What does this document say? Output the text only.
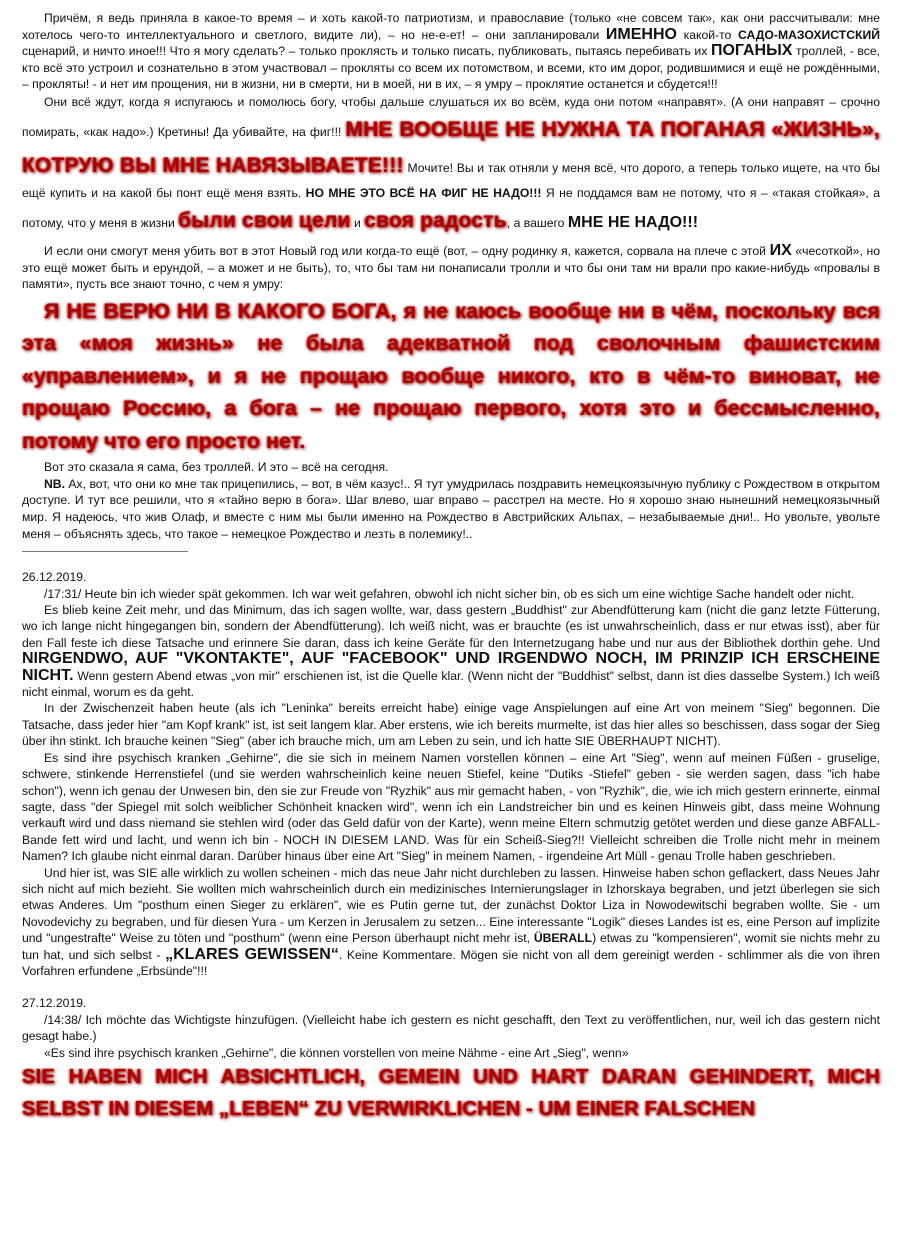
Причём, я ведь приняла в какое-то время – и хоть какой-то патриотизм, и православие (только «не совсем так», как они рассчитывали: мне хотелось чего-то интеллектуального и светлого, видите ли), – но не-е-ет! – они запланировали ИМЕННО какой-то САДО-МАЗОХИСТСКИЙ сценарий, и ничто иное!!! Что я могу сделать? – только проклясть и только писать, публиковать, пытаясь перебивать их ПОГАНЫХ троллей, - все, кто всё это устроил и сознательно в этом участвовал – прокляты со всем их потомством, и всеми, кто им дорог, родившимися и ещё не рождёнными, – прокляты! - и нет им прощения, ни в жизни, ни в смерти, ни в моей, ни в их, – я умру – проклятие останется и сбудется!!!

Они всё ждут, когда я испугаюсь и помолюсь богу, чтобы дальше слушаться их во всём, куда они потом «направят». (А они направят – срочно помирать, «как надо».) Кретины! Да убивайте, на фиг!!! МНЕ ВООБЩЕ НЕ НУЖНА ТА ПОГАНАЯ «ЖИЗНЬ», КОТРУЮ ВЫ МНЕ НАВЯЗЫВАЕТЕ!!! Мочите! Вы и так отняли у меня всё, что дорого, а теперь только ищете, на что бы ещё купить и на какой бы понт ещё меня взять. НО МНЕ ЭТО ВСЁ НА ФИГ НЕ НАДО!!! Я не поддамся вам не потому, что я – «такая стойкая», а потому, что у меня в жизни были свои цели и своя радость, а вашего МНЕ НЕ НАДО!!!

И если они смогут меня убить вот в этот Новый год или когда-то ещё (вот, – одну родинку я, кажется, сорвала на плече с этой ИХ «чесоткой», но это ещё может быть и ерундой, – а может и не быть), то, что бы там ни понаписали тролли и что бы они там ни врали про какие-нибудь «провалы в памяти», пусть все знают точно, с чем я умру:

Я НЕ ВЕРЮ НИ В КАКОГО БОГА, я не каюсь вообще ни в чём, поскольку вся эта «моя жизнь» не была адекватной под сволочным фашистским «управлением», и я не прощаю вообще никого, кто в чём-то виноват, не прощаю Россию, а бога – не прощаю первого, хотя это и бессмысленно, потому что его просто нет.

Вот это сказала я сама, без троллей. И это – всё на сегодня.

NB. Ах, вот, что они ко мне так прицепились, – вот, в чём казус!.. Я тут умудрилась поздравить немецкоязычную публику с Рождеством в открытом доступе. И тут все решили, что я «тайно верю в бога». Шаг влево, шаг вправо – расстрел на месте. Но я хорошо знаю нынешний немецкоязычный мир. Я надеюсь, что жив Олаф, и вместе с ним мы были именно на Рождество в Австрийских Альпах, – незабываемые дни!.. Но увольте, увольте меня – объяснять здесь, что такое – немецкое Рождество и лезть в полемику!..

26.12.2019.

/17:31/ Heute bin ich wieder spät gekommen. Ich war weit gefahren, obwohl ich nicht sicher bin, ob es sich um eine wichtige Sache handelt oder nicht.

Es blieb keine Zeit mehr, und das Minimum, das ich sagen wollte, war, dass gestern „Buddhist" zur Abendfütterung kam (nicht die ganz letzte Fütterung, wo ich lange nicht hingegangen bin, sondern der Abendfütterung). Ich weiß nicht, was er brauchte (es ist unwahrscheinlich, dass er nur etwas isst), aber für den Fall feste ich diese Tatsache und erinnere Sie daran, dass ich keine Geräte für den Internetzugang habe und nur aus der Bibliothek dorthin gehe. Und NIRGENDWO, AUF "VKONTAKTE", AUF "FACEBOOK" UND IRGENDWO NOCH, IM PRINZIP ICH ERSCHEINE NICHT. Wenn gestern Abend etwas „von mir" erschienen ist, ist die Quelle klar. (Wenn nicht der "Buddhist" selbst, dann ist dies dasselbe System.) Ich weiß nicht einmal, worum es da geht.

In der Zwischenzeit haben heute (als ich "Leninka" bereits erreicht habe) einige vage Anspielungen auf eine Art von meinem "Sieg" begonnen. Die Tatsache, dass jeder hier "am Kopf krank" ist, ist seit langem klar. Aber erstens, wie ich bereits murmelte, ist das hier alles so beschissen, dass sogar der Sieg über ihn stinkt. Ich brauche keinen "Sieg" (aber ich brauche mich, um am Leben zu sein, und ich hatte SIE ÜBERHAUPT NICHT).

Es sind ihre psychisch kranken „Gehirne", die sie sich in meinem Namen vorstellen können – eine Art "Sieg", wenn auf meinen Füßen - gruselige, schwere, stinkende Herrenstiefel (und sie werden wahrscheinlich keine neuen Stiefel, keine "Dutiks -Stiefel" geben - sie werden sagen, dass "ich habe schon"), wenn ich genau der Unwesen bin, den sie zur Freude von "Ryzhik" aus mir gemacht haben, - von "Ryzhik", die, wie ich mich gestern erinnerte, einmal sagte, dass "der Spiegel mit solch weiblicher Schönheit knacken wird", wenn ich ein Landstreicher bin und es keinen Hinweis gibt, dass meine Wohnung verkauft wird und dass niemand sie stehlen wird (oder das Geld dafür von der Karte), wenn meine Eltern schmutzig getötet werden und diese ganze ABFALL-Bande fett wird und lacht, und wenn ich bin - NOCH IN DIESEM LAND. Was für ein Scheiß-Sieg?!! Vielleicht schreiben die Trolle nicht mehr in meinem Namen? Ich glaube nicht einmal daran. Darüber hinaus über eine Art "Sieg" in meinem Namen, - irgendeine Art Müll - genau Trolle haben geschrieben.

Und hier ist, was SIE alle wirklich zu wollen scheinen - mich das neue Jahr nicht durchleben zu lassen. Hinweise haben schon geflackert, dass Neues Jahr sich nicht auf mich bezieht. Sie wollten mich wahrscheinlich durch ein medizinisches Internierungslager in Izhorskaya begraben, und jetzt überlegen sie sich etwas Anderes. Um "posthum einen Sieger zu erklären", wie es Putin gerne tut, der zunächst Doktor Liza in Nowodewitschi begraben wollte. Sie - um Novodevichy zu begraben, und für diesen Yura - um Kerzen in Jerusalem zu setzen... Eine interessante "Logik" dieses Landes ist es, eine Person auf implizite und "ungestrafte" Weise zu töten und "posthum" (wenn eine Person überhaupt nicht mehr ist, ÜBERALL) etwas zu "kompensieren", womit sie nichts mehr zu tun hat, und sich selbst - „KLARES GEWISSEN“. Keine Kommentare. Mögen sie nicht von all dem gereinigt werden - schlimmer als die von ihren Vorfahren erfundene „Erbsünde"!!!

27.12.2019.

/14:38/ Ich möchte das Wichtigste hinzufügen. (Vielleicht habe ich gestern es nicht geschafft, den Text zu veröffentlichen, nur, weil ich das gestern nicht gesagt habe.)

«Es sind ihre psychisch kranken „Gehirne", die können vorstellen von meine Nähme - eine Art „Sieg", wenn»

SIE HABEN MICH ABSICHTLICH, GEMEIN UND HART DARAN GEHINDERT, MICH SELBST IN DIESEM „LEBEN“ ZU VERWIRKLICHEN - UM EINER FALSCHEN
